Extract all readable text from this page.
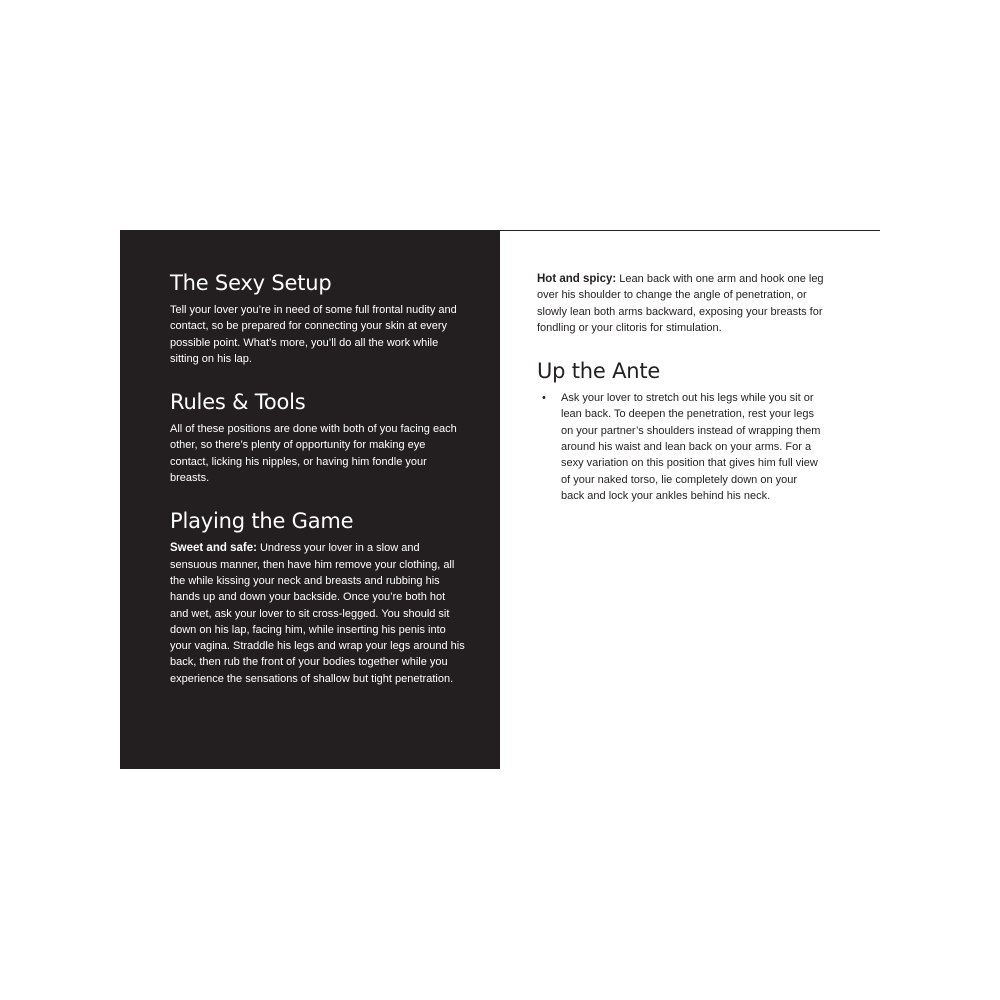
The Sexy Setup

Tell your lover you’re in need of some full frontal nudity and contact, so be prepared for connecting your skin at every possible point. What’s more, you’ll do all the work while sitting on his lap.

Rules & Tools

All of these positions are done with both of you facing each other, so there’s plenty of opportunity for making eye contact, licking his nipples, or having him fondle your breasts.

Playing the Game

Sweet and safe: Undress your lover in a slow and sensuous manner, then have him remove your clothing, all the while kissing your neck and breasts and rubbing his hands up and down your backside. Once you’re both hot and wet, ask your lover to sit cross-legged. You should sit down on his lap, facing him, while inserting his penis into your vagina. Straddle his legs and wrap your legs around his back, then rub the front of your bodies together while you experience the sensations of shallow but tight penetration.

Hot and spicy: Lean back with one arm and hook one leg over his shoulder to change the angle of penetration, or slowly lean both arms backward, exposing your breasts for fondling or your clitoris for stimulation.

Up the Ante
• Ask your lover to stretch out his legs while you sit or lean back. To deepen the penetration, rest your legs on your partner’s shoulders instead of wrapping them around his waist and lean back on your arms. For a sexy variation on this position that gives him full view of your naked torso, lie completely down on your back and lock your ankles behind his neck.
